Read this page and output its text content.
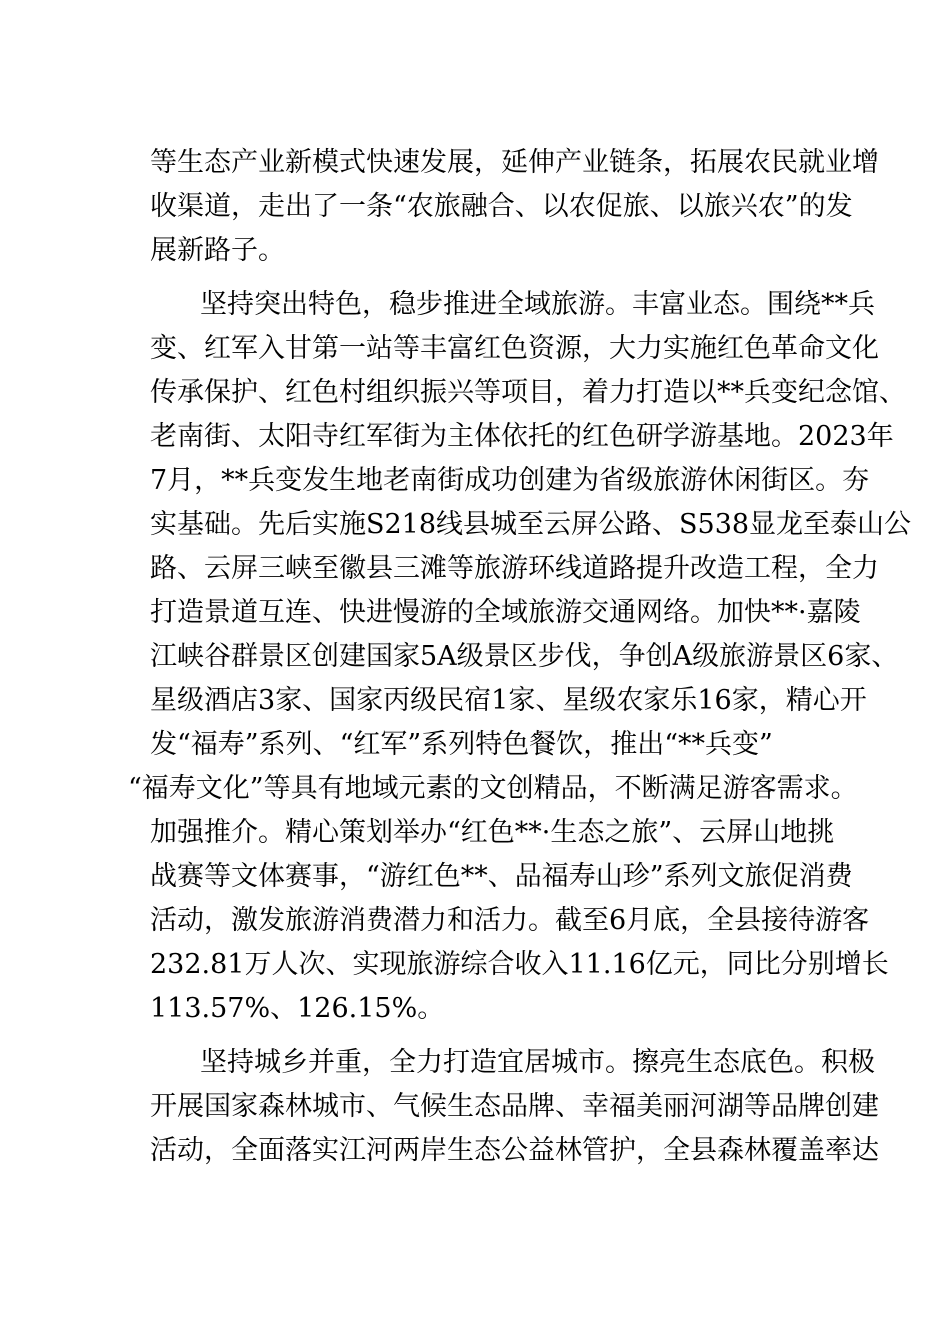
等生态产业新模式快速发展，延伸产业链条，拓展农民就业增
收渠道，走出了一条“农旅融合、以农促旅、以旅兴农”的发
展新路子。
坚持突出特色，稳步推进全域旅游。丰富业态。围绕**兵
变、红军入甘第一站等丰富红色资源，大力实施红色革命文化
传承保护、红色村组织振兴等项目，着力打造以**兵变纪念馆、
老南街、太阳寺红军街为主体依托的红色研学游基地。2023年
7月，**兵变发生地老南街成功创建为省级旅游休闲街区。夯
实基础。先后实施S218线县城至云屏公路、S538显龙至泰山公
路、云屏三峡至徽县三滩等旅游环线道路提升改造工程，全力
打造景道互连、快进慢游的全域旅游交通网络。加快**·嘉陵
江峡谷群景区创建国家5A级景区步伐，争创A级旅游景区6家、
星级酒店3家、国家丙级民宿1家、星级农家乐16家，精心开
发“福寿”系列、“红军”系列特色餐饮，推出“**兵变”
“福寿文化”等具有地域元素的文创精品，不断满足游客需求。
加强推介。精心策划举办“红色**·生态之旅”、云屏山地挑
战赛等文体赛事，“游红色**、品福寿山珍”系列文旅促消费
活动，激发旅游消费潜力和活力。截至6月底，全县接待游客
232.81万人次、实现旅游综合收入11.16亿元，同比分别增长
113.57%、126.15%。
坚持城乡并重，全力打造宜居城市。擦亮生态底色。积极
开展国家森林城市、气候生态品牌、幸福美丽河湖等品牌创建
活动，全面落实江河两岸生态公益林管护，全县森林覆盖率达
